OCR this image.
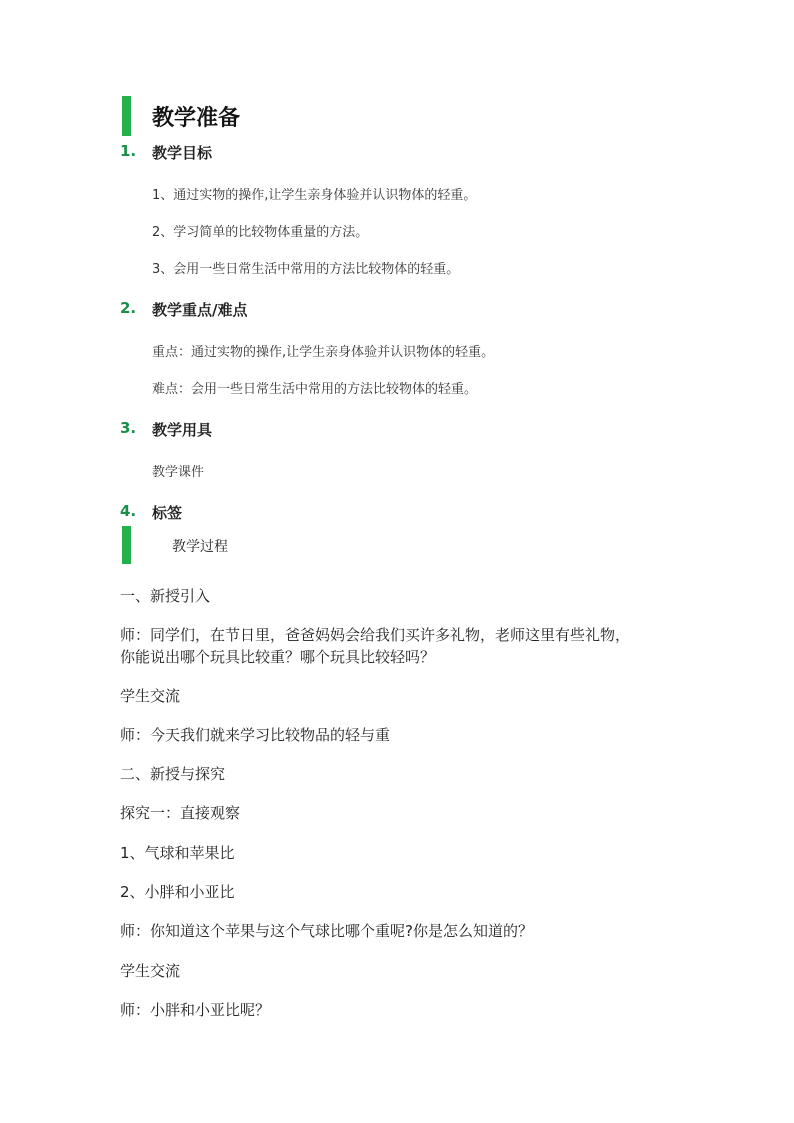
教学准备
1. 教学目标
1、通过实物的操作,让学生亲身体验并认识物体的轻重。
2、学习简单的比较物体重量的方法。
3、会用一些日常生活中常用的方法比较物体的轻重。
2. 教学重点/难点
重点：通过实物的操作,让学生亲身体验并认识物体的轻重。
难点：会用一些日常生活中常用的方法比较物体的轻重。
3. 教学用具
教学课件
4. 标签
教学过程
一、新授引入
师：同学们，在节日里，爸爸妈妈会给我们买许多礼物，老师这里有些礼物，
你能说出哪个玩具比较重？哪个玩具比较轻吗？
学生交流
师：今天我们就来学习比较物品的轻与重
二、新授与探究
探究一：直接观察
1、气球和苹果比
2、小胖和小亚比
师：你知道这个苹果与这个气球比哪个重呢?你是怎么知道的？
学生交流
师：小胖和小亚比呢？
